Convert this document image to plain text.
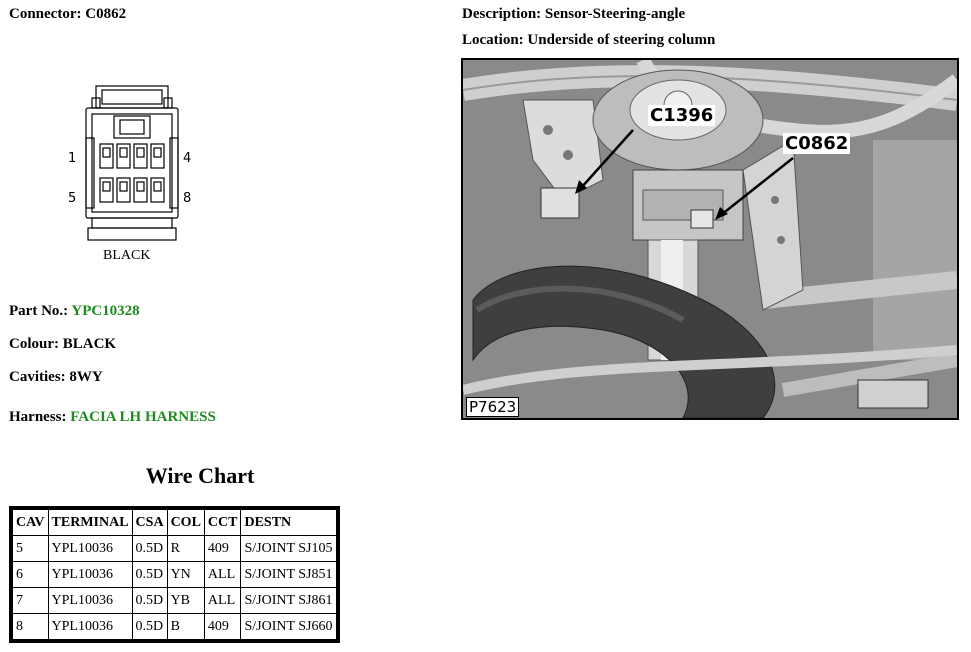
Connector: C0862	Description: Sensor-Steering-angle
Location: Underside of steering column
1	4
5	8
BLACK
Part No.: YPC10328
Colour: BLACK
Cavities: 8WY
Harness: FACIA LH HARNESS
C1396
C0862
P7623
Wire Chart
CAV	TERMINAL	CSA	COL	CCT	DESTN
5	YPL10036	0.5D	R	409	S/JOINT SJ105
6	YPL10036	0.5D	YN	ALL	S/JOINT SJ851
7	YPL10036	0.5D	YB	ALL	S/JOINT SJ861
8	YPL10036	0.5D	B	409	S/JOINT SJ660
